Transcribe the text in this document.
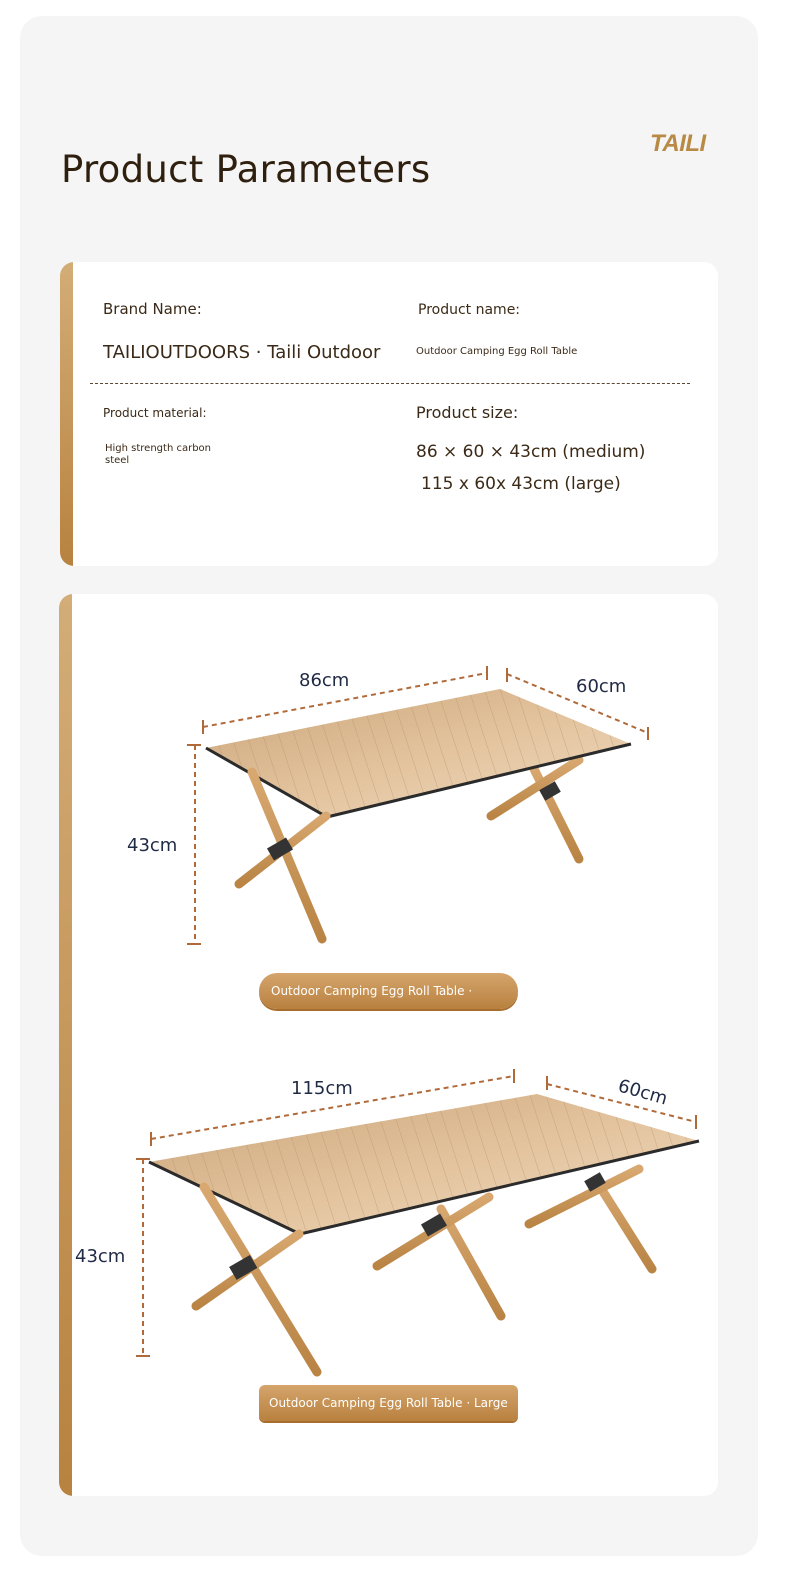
Product Parameters
TAILI
Brand Name:
TAILIOUTDOORS · Taili Outdoor
Product name:
Outdoor Camping Egg Roll Table
Product material:
High strength carbon steel
Product size:
86 × 60 × 43cm (medium)
115 x 60x 43cm (large)
86cm	60cm
43cm
Outdoor Camping Egg Roll Table · Medium
115cm	60cm
43cm
Outdoor Camping Egg Roll Table · Large
